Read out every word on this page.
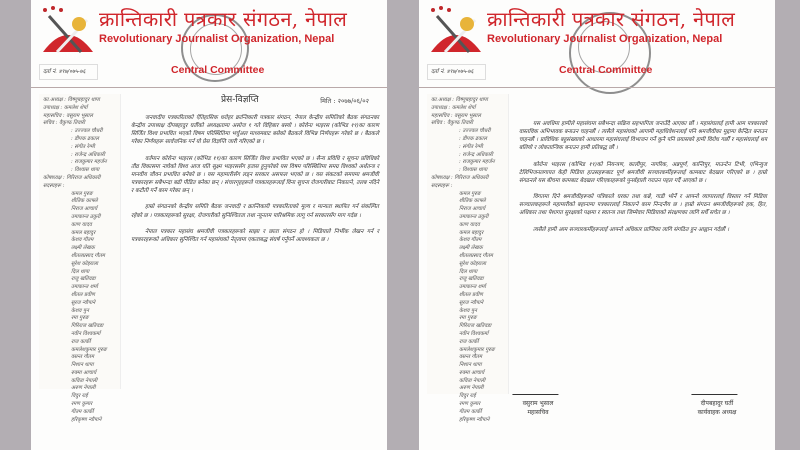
RJON
दर्ता नं. ४९७/०७५-७६
क्रान्तिकारी पत्रकार संगठन, नेपाल
Revolutionary Journalist Organization, Nepal
Central Committee
का.अध्यक्ष : विष्णुबहादुर थापा
उपाध्यक्ष : कमलेश शेर्पा
महासचिव : वसुराम भुसाल
सचिव : वैकुण्ठ तिवारी
: उज्ज्वल चौधरी
: डीपक ढकाल
: संगीत रेग्मी
: राजेन्द्र अधिकारी
: राजकुमार महर्जन
: विश्वास थापा
कोषाध्यक्ष : गिरिराज अधिकारी
सदस्यहरू :
कमल गुरुङ
शीतिक काफ्ले
निराज आचार्य
उमाकान्त ठकुरी
काण यादव
कमल बहादुर
केशव गौतम
लक्ष्मी लेखक
शीतलप्रसाद गौतम
सुरेश कोइराला
दिल थापा
राजु खतिवडा
उमाकान्त शर्मा
शीतल प्रवीण
सुरज न्यौपाने
केशव पुन
रमा गुरुङ
गिरिराज खतिवडा
नवीन विश्वकर्मा
राज कार्की
कमलेशकुमार गुरुङ
वसन्त गौतम
निशान थापा
रुक्मा आचार्य
कविता नेपाली
अरुण नेपाली
विदुर राई
रमण कुमार
गीतम कार्की
हरिकृष्ण न्यौपाने
प्रेस-विज्ञप्ति	मिति : २०७७/०६/०२

जनवादीय पत्रकारिताको ऐतिहासिक धरोहर क्रान्तिकारी पत्रकार संगठन, नेपाल केन्द्रीय समितिको बैठक संगठनका केन्द्रीय उपाध्यक्ष दीपबहादुर घर्तीको अध्यक्षतामा असोज १ गते विहिबार बस्यो । कोरोना भाइरस (कोभिड १९)का कारण सिर्जित विश्व प्रभावित भएको विषम परिस्थितिमा भर्चुअल माध्यमबाट बसेको बैठकले विभिन्न निर्णयहरू गरेको छ । बैठकले गरेका निर्णयहरू सार्वजनिक गर्न यो प्रेस विज्ञप्ति जारी गरिएको छ ।

वर्तमान कोरोना भाइरस (कोभिड १९)का कारण सिर्जित विश्व प्रभावित भएको छ । सैन्य प्रविधि र सूचना प्रविधिको तीव्र विकासमा नाघेको विश्व आज यति सूक्ष्म भाइरससँग हतास हुनुपरेको यस विषम परिस्थितिमा समग्र विश्वको अर्थतन्त्र र मानवीय जीवन प्रभावित बनेको छ । यस महामारीसँग लड्न सरकार असफल भएको छ । यस संकटको समयमा श्रमजीवी पत्रकारहरू सबैभन्दा बढी पीडित बनेका छन् । संचारगृहहरूले पत्रकारहरूलाई विना सूचना रोजगारीबाट निकाल्ने, तलब नदिने र कटौती गर्ने काम गरेका छन् ।

हाम्रो संगठनको केन्द्रीय समिति बैठक जनवादी र क्रान्तिकारी पत्रकारिताको मूल्य र मान्यता स्थापित गर्न संकल्पित रहेको छ । पत्रकारहरूको सुरक्षा, रोजगारीको सुनिश्चितता तथा न्यूनतम पारिश्रमिक लागू गर्न सरकारसँग माग गर्दछ ।

नेपाल पत्रकार महासंघ श्रमजीवी पत्रकारहरूको साझा र छाता संगठन हो । मिडियाले निर्भीक लेखन गर्न र पत्रकारहरूको अधिकार सुनिश्चित गर्न महासंघको नेतृत्वमा एकताबद्ध संघर्ष गर्नुपर्ने आवश्यकता छ ।

RJON
दर्ता नं. ४९७/०७५-७६
क्रान्तिकारी पत्रकार संगठन, नेपाल
Revolutionary Journalist Organization, Nepal
Central Committee
का.अध्यक्ष : विष्णुबहादुर थापा
उपाध्यक्ष : कमलेश शेर्पा
महासचिव : वसुराम भुसाल
सचिव : वैकुण्ठ तिवारी
: उज्ज्वल चौधरी
: डीपक ढकाल
: संगीत रेग्मी
: राजेन्द्र अधिकारी
: राजकुमार महर्जन
: विश्वास थापा
कोषाध्यक्ष : गिरिराज अधिकारी
सदस्यहरू :
कमल गुरुङ
शीतिक काफ्ले
निराज आचार्य
उमाकान्त ठकुरी
काण यादव
कमल बहादुर
केशव गौतम
लक्ष्मी लेखक
शीतलप्रसाद गौतम
सुरेश कोइराला
दिल थापा
राजु खतिवडा
उमाकान्त शर्मा
शीतल प्रवीण
सुरज न्यौपाने
केशव पुन
रमा गुरुङ
गिरिराज खतिवडा
नवीन विश्वकर्मा
राज कार्की
कमलेशकुमार गुरुङ
वसन्त गौतम
निशान थापा
रुक्मा आचार्य
कविता नेपाली
अरुण नेपाली
विदुर राई
रमण कुमार
गीतम कार्की
हरिकृष्ण न्यौपाने

यस अवधिमा हामीले महासंघमा सबैभन्दा सक्रिय सहभागिता जनाउँदै आएका छौं । महासंघलाई हामी आम पत्रकारको वास्तविक अभिभावक बनाउन चाहन्छौं । त्यसैले महासंघको आगामी महाधिवेशनलाई पनि श्रमजीवीका मुद्दामा केन्द्रित बनाउन चाहन्छौं । प्राविधिक बहुसंख्याको आधारमा महासंघलाई विभाजन गर्ने कुनै पनि प्रयासको हामी विरोध गर्छौं र महासंघलाई थप बलियो र लोकतान्त्रिक बनाउन हामी प्रतिबद्ध छौं ।

कोरोना भाइरस (कोभिड १९)को नियन्त्रण, कालीपुर, नागरिक, अन्नपूर्ण, कान्तिपुर, माउन्टेन टिभी, एभिन्युज टेलिभिजनलगायत केही मिडिया हाउसहरूबाट पूर्ण श्रमजीवी सञ्चारकर्मीहरूलाई कामबाट बेदखल गरिएको छ । हाम्रो संगठनले यस बीचमा कामबाट बेदखल गरिएकाहरूको पुनर्बहाली गराउन पहल गर्दै आएको छ ।

विगतमा दिने श्रमजीवीहरूको पत्रिकाले घरका तथा कन्ने, गाडी भोर्ने र आफ्नो व्यापारलाई विस्तार गर्ने मिडिया सञ्चालकहरूले महामारीको बहानामा पत्रकारलाई निकाल्ने काम निन्दनीय छ । हाम्रो संगठन श्रमजीवीहरूको हक, हित, अधिकार तथा पेशागत सुरक्षाको पक्षमा र स्वतन्त्र तथा जिम्मेवार मिडियाको संरक्षणका लागि सधैँ सचेत छ ।

त्यसैले हामी आम सञ्चारकर्मीहरूलाई आफ्नो अधिकार प्राप्तिका लागि संगठित हुन आह्वान गर्दछौं ।

वसुराम भुसाल
महासचिव
दीपबहादुर घर्ती
कार्यवाहक अध्यक्ष
